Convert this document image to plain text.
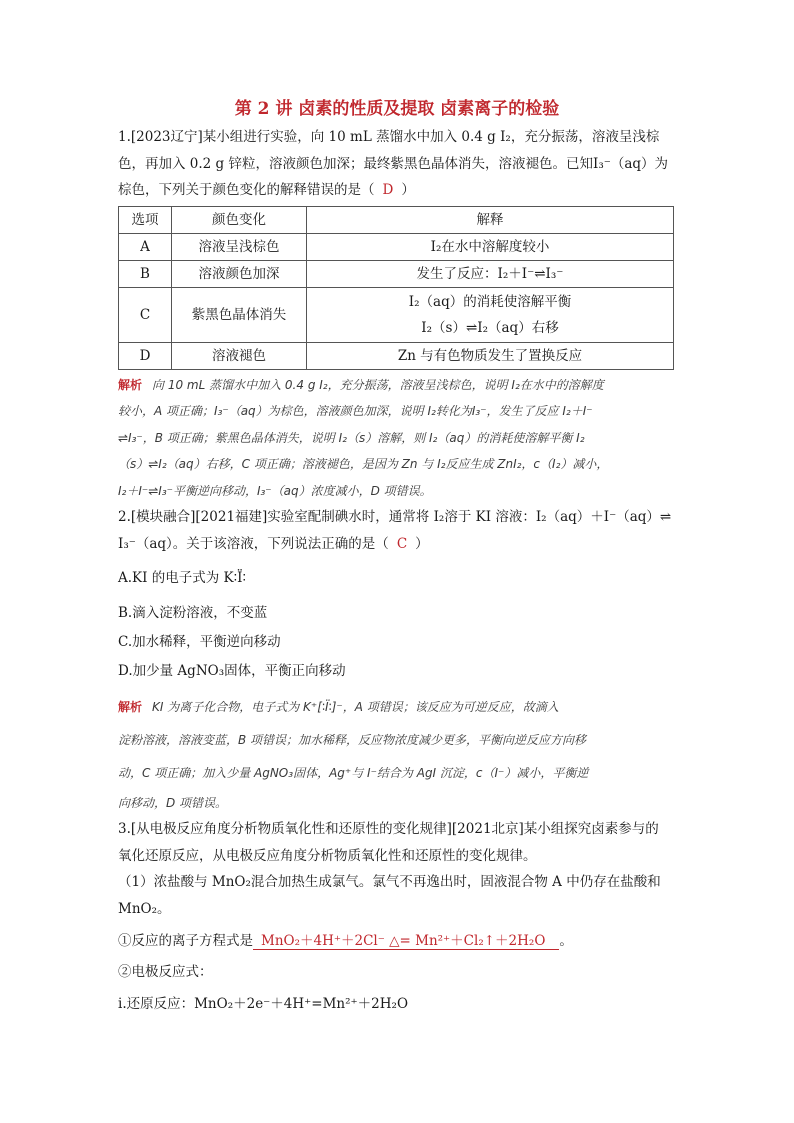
第 2 讲 卤素的性质及提取 卤素离子的检验

1.[2023辽宁]某小组进行实验，向 10 mL 蒸馏水中加入 0.4 g I₂，充分振荡，溶液呈浅棕

色，再加入 0.2 g 锌粒，溶液颜色加深；最终紫黑色晶体消失，溶液褪色。已知I₃⁻（aq）为

棕色，下列关于颜色变化的解释错误的是（ D ）

选项	颜色变化	解释
A	溶液呈浅棕色	I₂在水中溶解度较小
B	溶液颜色加深	发生了反应：I₂＋I⁻⇌I₃⁻
C	紫黑色晶体消失	I₂（aq）的消耗使溶解平衡
I₂（s）⇌I₂（aq）右移

D	溶液褪色	Zn 与有色物质发生了置换反应

解析 向 10 mL 蒸馏水中加入 0.4 g I₂，充分振荡，溶液呈浅棕色，说明 I₂在水中的溶解度

较小，A 项正确；I₃⁻（aq）为棕色，溶液颜色加深，说明 I₂转化为I₃⁻，发生了反应 I₂＋I⁻

⇌I₃⁻，B 项正确；紫黑色晶体消失，说明 I₂（s）溶解，则 I₂（aq）的消耗使溶解平衡 I₂

（s）⇌I₂（aq）右移，C 项正确；溶液褪色，是因为 Zn 与 I₂反应生成 ZnI₂，c（I₂）减小，

I₂＋I⁻⇌I₃⁻平衡逆向移动，I₃⁻（aq）浓度减小，D 项错误。

2.[模块融合][2021福建]实验室配制碘水时，通常将 I₂溶于 KI 溶液：I₂（aq）＋I⁻（aq）⇌

I₃⁻（aq）。关于该溶液，下列说法正确的是（ C ）

A.KI 的电子式为 K∶Ï∶

B.滴入淀粉溶液，不变蓝

C.加水稀释，平衡逆向移动

D.加少量 AgNO₃固体，平衡正向移动

解析 KI 为离子化合物，电子式为 K⁺[∶Ï∶]⁻，A 项错误；该反应为可逆反应，故滴入

淀粉溶液，溶液变蓝，B 项错误；加水稀释，反应物浓度减少更多，平衡向逆反应方向移

动，C 项正确；加入少量 AgNO₃固体，Ag⁺与 I⁻结合为 AgI 沉淀，c（I⁻）减小，平衡逆

向移动，D 项错误。

3.[从电极反应角度分析物质氧化性和还原性的变化规律][2021北京]某小组探究卤素参与的

氧化还原反应，从电极反应角度分析物质氧化性和还原性的变化规律。

（1）浓盐酸与 MnO₂混合加热生成氯气。氯气不再逸出时，固液混合物 A 中仍存在盐酸和

MnO₂。

①反应的离子方程式是 MnO₂＋4H⁺＋2Cl⁻ △= Mn²⁺＋Cl₂↑＋2H₂O 。

②电极反应式：

ⅰ.还原反应：MnO₂＋2e⁻＋4H⁺=Mn²⁺＋2H₂O
